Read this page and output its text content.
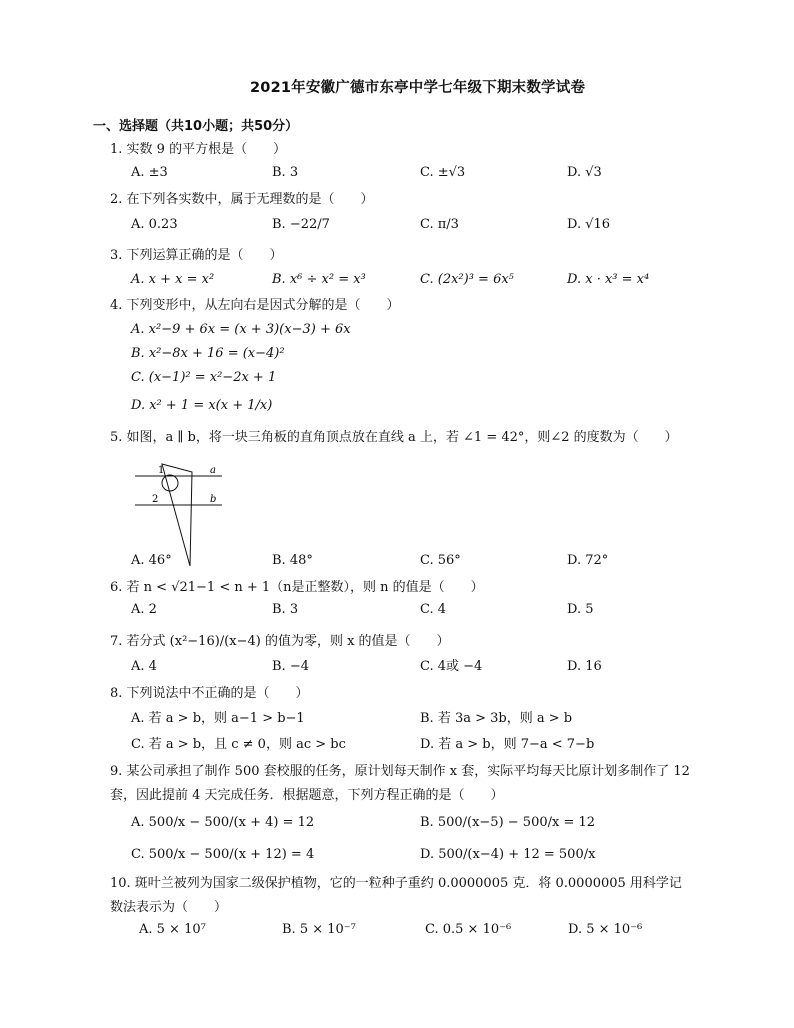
2021年安徽广德市东亭中学七年级下期末数学试卷
一、选择题（共10小题；共50分）
1. 实数 9 的平方根是（　　）
A. ±3	B. 3	C. ±√3	D. √3
2. 在下列各实数中，属于无理数的是（　　）
A. 0.23	B. −22/7	C. π/3	D. √16
3. 下列运算正确的是（　　）
A. x + x = x²	B. x⁶ ÷ x² = x³	C. (2x²)³ = 6x⁵	D. x · x³ = x⁴
4. 下列变形中，从左向右是因式分解的是（　　）
A. x²−9 + 6x = (x + 3)(x−3) + 6x
B. x²−8x + 16 = (x−4)²
C. (x−1)² = x²−2x + 1
D. x² + 1 = x(x + 1/x)
5. 如图，a ∥ b，将一块三角板的直角顶点放在直线 a 上，若 ∠1 = 42°，则∠2 的度数为（　　）
1
2
a
b
A. 46°	B. 48°	C. 56°	D. 72°
6. 若 n < √21−1 < n + 1（n是正整数），则 n 的值是（　　）
A. 2	B. 3	C. 4	D. 5
7. 若分式 (x²−16)/(x−4) 的值为零，则 x 的值是（　　）
A. 4	B. −4	C. 4或 −4	D. 16
8. 下列说法中不正确的是（　　）
A. 若 a > b，则 a−1 > b−1	B. 若 3a > 3b，则 a > b
C. 若 a > b，且 c ≠ 0，则 ac > bc	D. 若 a > b，则 7−a < 7−b
9. 某公司承担了制作 500 套校服的任务，原计划每天制作 x 套，实际平均每天比原计划多制作了 12 套，因此提前 4 天完成任务．根据题意，下列方程正确的是（　　）
A. 500/x − 500/(x + 4) = 12	B. 500/(x−5) − 500/x = 12
C. 500/x − 500/(x + 12) = 4	D. 500/(x−4) + 12 = 500/x
10. 斑叶兰被列为国家二级保护植物，它的一粒种子重约 0.0000005 克．将 0.0000005 用科学记数法表示为（　　）
A. 5 × 10⁷	B. 5 × 10⁻⁷	C. 0.5 × 10⁻⁶	D. 5 × 10⁻⁶
